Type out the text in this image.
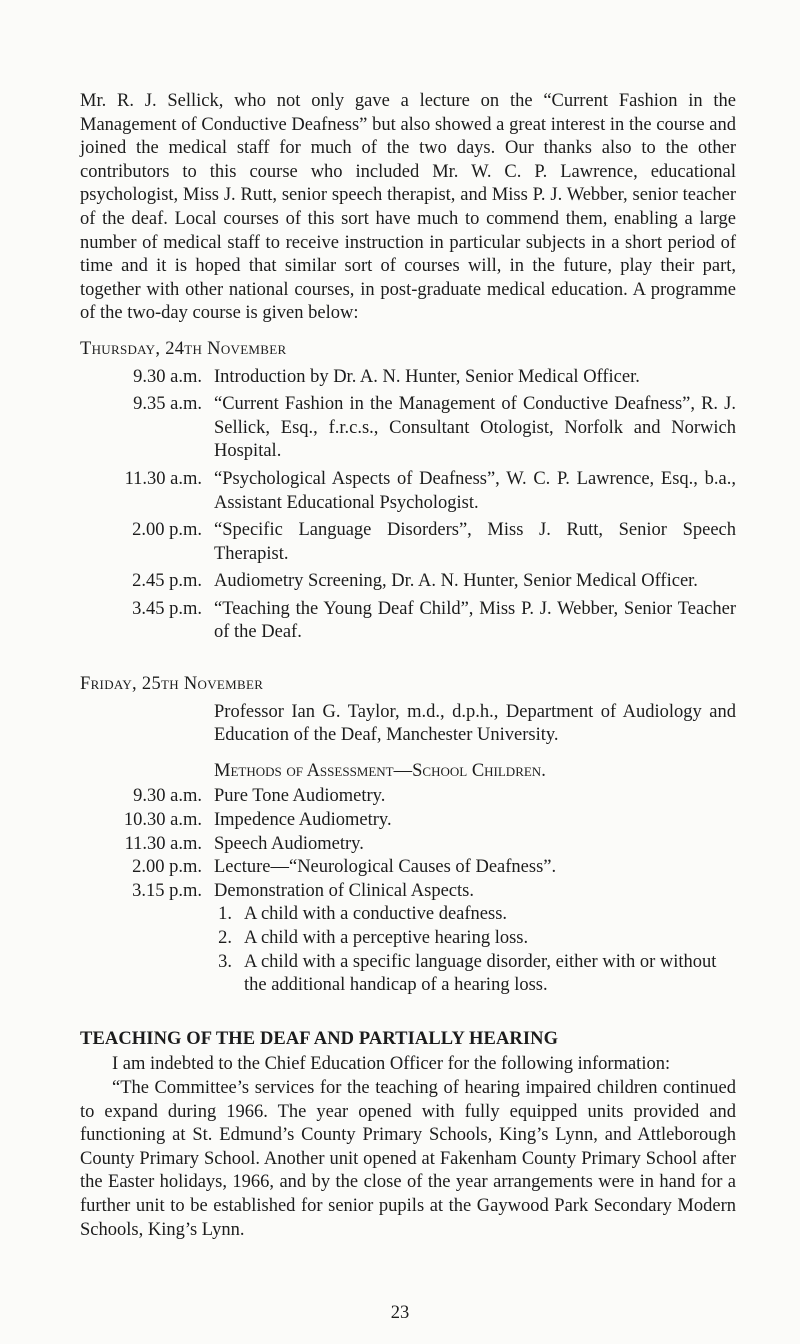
Mr. R. J. Sellick, who not only gave a lecture on the “Current Fashion in the Management of Conductive Deafness” but also showed a great interest in the course and joined the medical staff for much of the two days. Our thanks also to the other contributors to this course who included Mr. W. C. P. Lawrence, educational psychologist, Miss J. Rutt, senior speech therapist, and Miss P. J. Webber, senior teacher of the deaf. Local courses of this sort have much to commend them, enabling a large number of medical staff to receive instruction in particular subjects in a short period of time and it is hoped that similar sort of courses will, in the future, play their part, together with other national courses, in post-graduate medical education. A programme of the two-day course is given below:

Thursday, 24th November
9.30 a.m. Introduction by Dr. A. N. Hunter, Senior Medical Officer.
9.35 a.m. “Current Fashion in the Management of Conductive Deafness”, R. J. Sellick, Esq., f.r.c.s., Consultant Otologist, Norfolk and Norwich Hospital.
11.30 a.m. “Psychological Aspects of Deafness”, W. C. P. Lawrence, Esq., b.a., Assistant Educational Psychologist.
2.00 p.m. “Specific Language Disorders”, Miss J. Rutt, Senior Speech Therapist.
2.45 p.m. Audiometry Screening, Dr. A. N. Hunter, Senior Medical Officer.
3.45 p.m. “Teaching the Young Deaf Child”, Miss P. J. Webber, Senior Teacher of the Deaf.
Friday, 25th November
Professor Ian G. Taylor, m.d., d.p.h., Department of Audiology and Education of the Deaf, Manchester University.
Methods of Assessment—School Children.
9.30 a.m. Pure Tone Audiometry.
10.30 a.m. Impedence Audiometry.
11.30 a.m. Speech Audiometry.
2.00 p.m. Lecture—“Neurological Causes of Deafness”.
3.15 p.m. Demonstration of Clinical Aspects.
1. A child with a conductive deafness.
2. A child with a perceptive hearing loss.
3. A child with a specific language disorder, either with or without the additional handicap of a hearing loss.
TEACHING OF THE DEAF AND PARTIALLY HEARING

I am indebted to the Chief Education Officer for the following information:

“The Committee’s services for the teaching of hearing impaired children continued to expand during 1966. The year opened with fully equipped units provided and functioning at St. Edmund’s County Primary Schools, King’s Lynn, and Attleborough County Primary School. Another unit opened at Fakenham County Primary School after the Easter holidays, 1966, and by the close of the year arrangements were in hand for a further unit to be established for senior pupils at the Gaywood Park Secondary Modern Schools, King’s Lynn.

23
